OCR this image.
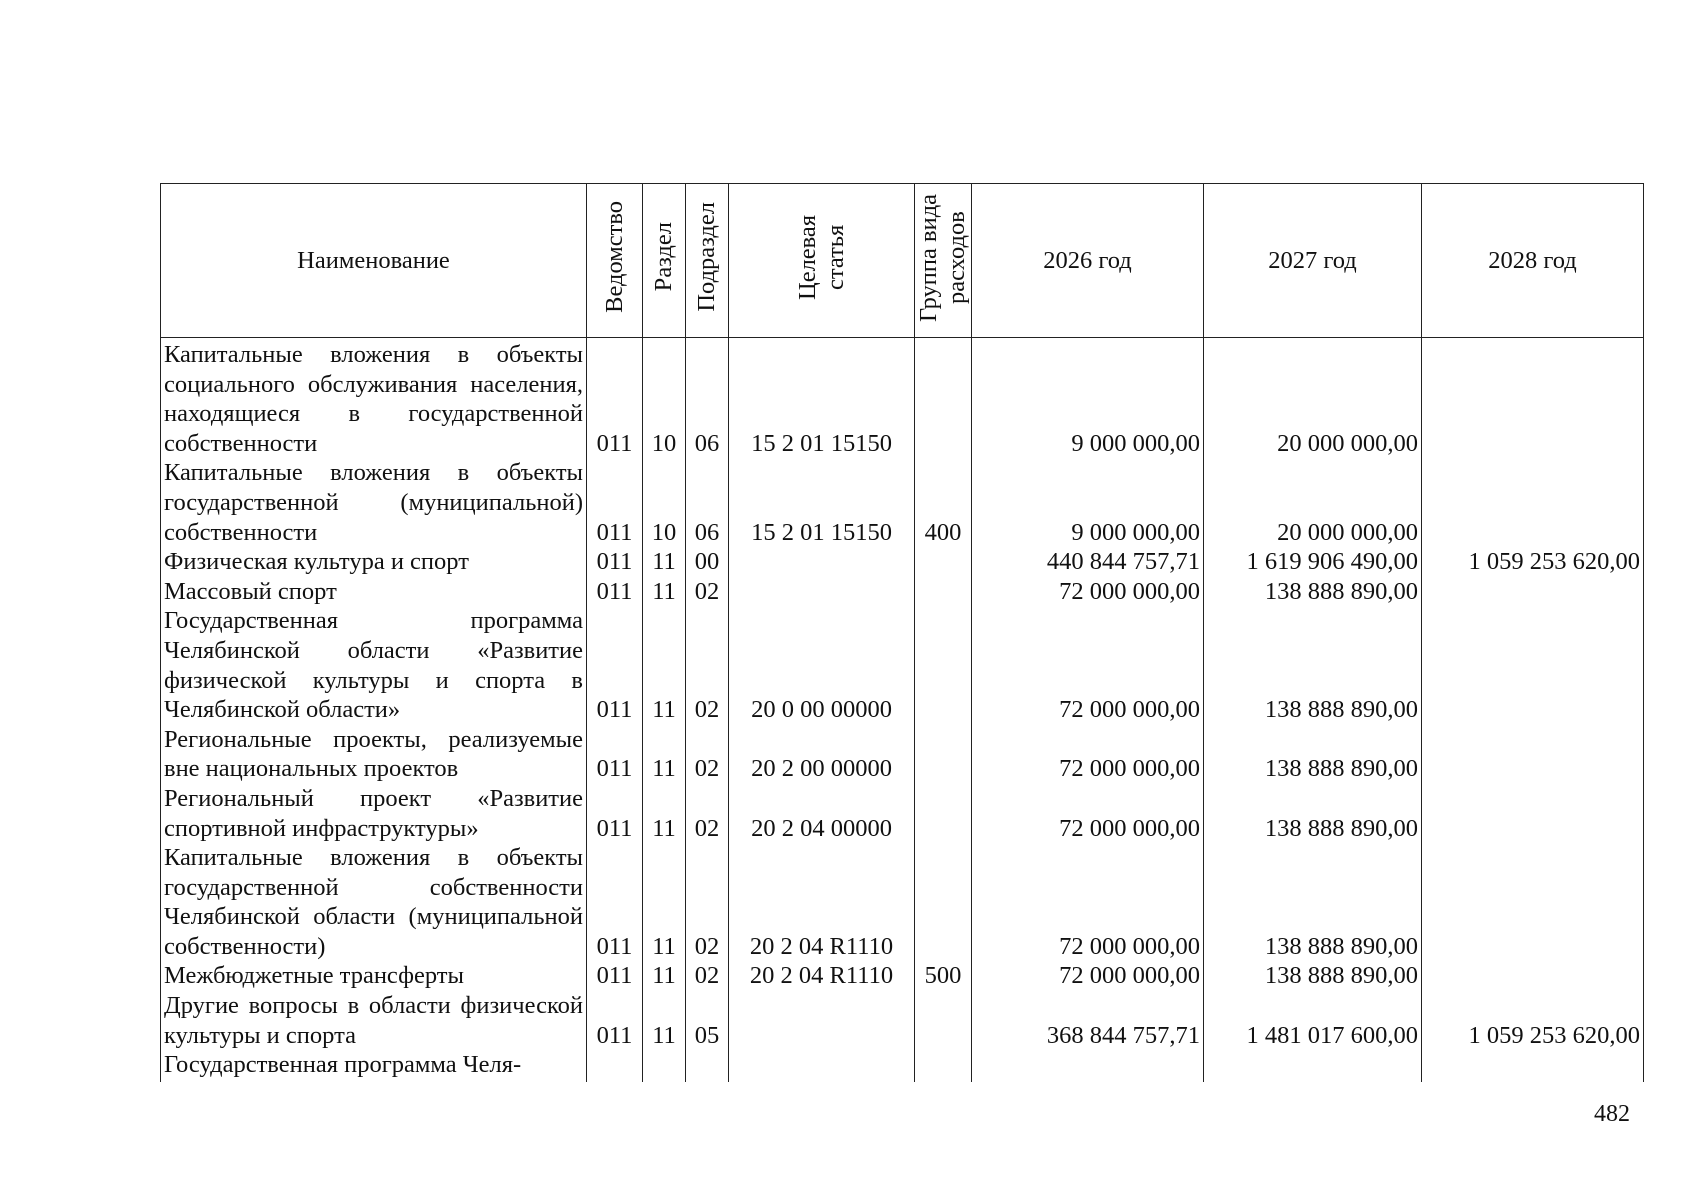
Наименование	Ведомство	Раздел	Подраздел	Целевая статья	Группа вида расходов	2026 год	2027 год	2028 год
Капитальные вложения в объекты социального обслуживания населения, находящиеся в государственной собственности	011	10	06	15 2 01 15150		9 000 000,00	20 000 000,00	
Капитальные вложения в объекты государственной (муниципальной) собственности	011	10	06	15 2 01 15150	400	9 000 000,00	20 000 000,00	
Физическая культура и спорт	011	11	00			440 844 757,71	1 619 906 490,00	1 059 253 620,00
Массовый спорт	011	11	02			72 000 000,00	138 888 890,00	
Государственная программа Челябинской области «Развитие физической культуры и спорта в Челябинской области»	011	11	02	20 0 00 00000		72 000 000,00	138 888 890,00	
Региональные проекты, реализуемые вне национальных проектов	011	11	02	20 2 00 00000		72 000 000,00	138 888 890,00	
Региональный проект «Развитие спортивной инфраструктуры»	011	11	02	20 2 04 00000		72 000 000,00	138 888 890,00	
Капитальные вложения в объекты государственной собственности Челябинской области (муниципальной собственности)	011	11	02	20 2 04 R1110		72 000 000,00	138 888 890,00	
Межбюджетные трансферты	011	11	02	20 2 04 R1110	500	72 000 000,00	138 888 890,00	
Другие вопросы в области физической культуры и спорта	011	11	05			368 844 757,71	1 481 017 600,00	1 059 253 620,00
Государственная программа Челя-								
482
